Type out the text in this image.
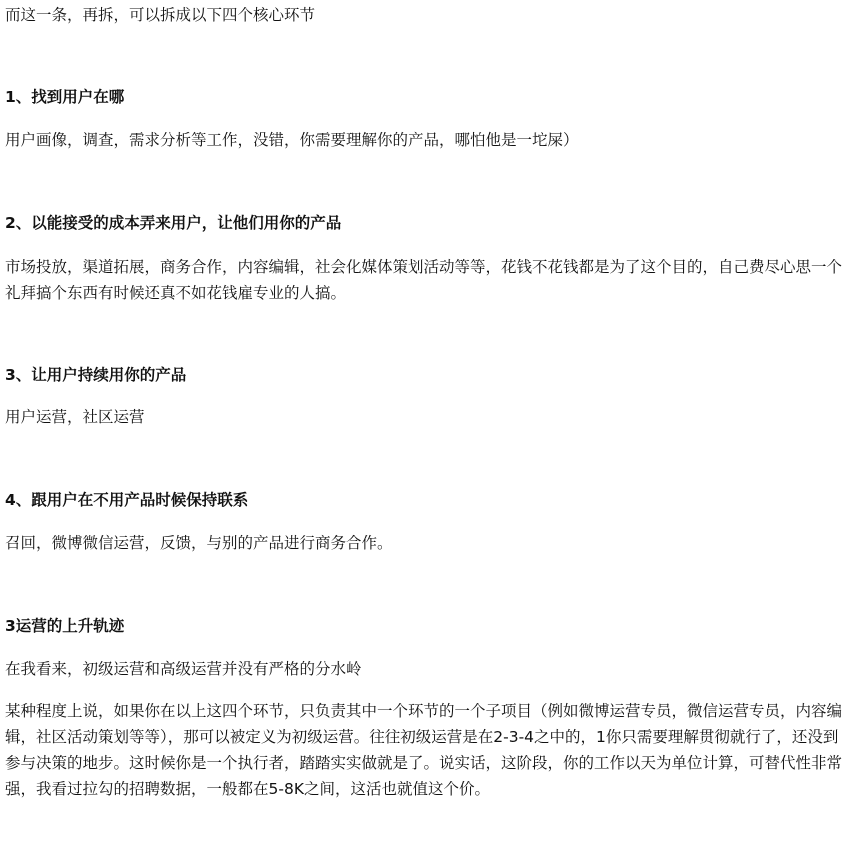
而这一条，再拆，可以拆成以下四个核心环节
1、找到用户在哪
用户画像，调查，需求分析等工作，没错，你需要理解你的产品，哪怕他是一坨屎）
2、以能接受的成本弄来用户，让他们用你的产品

市场投放，渠道拓展，商务合作，内容编辑，社会化媒体策划活动等等，花钱不花钱都是为了这个目的，自己费尽心思一个礼拜搞个东西有时候还真不如花钱雇专业的人搞。

3、让用户持续用你的产品
用户运营，社区运营
4、跟用户在不用产品时候保持联系
召回，微博微信运营，反馈，与别的产品进行商务合作。
3运营的上升轨迹
在我看来，初级运营和高级运营并没有严格的分水岭

某种程度上说，如果你在以上这四个环节，只负责其中一个环节的一个子项目（例如微博运营专员，微信运营专员，内容编辑，社区活动策划等等），那可以被定义为初级运营。往往初级运营是在2-3-4之中的，1你只需要理解贯彻就行了，还没到参与决策的地步。这时候你是一个执行者，踏踏实实做就是了。说实话，这阶段，你的工作以天为单位计算，可替代性非常强，我看过拉勾的招聘数据，一般都在5-8K之间，这活也就值这个价。
